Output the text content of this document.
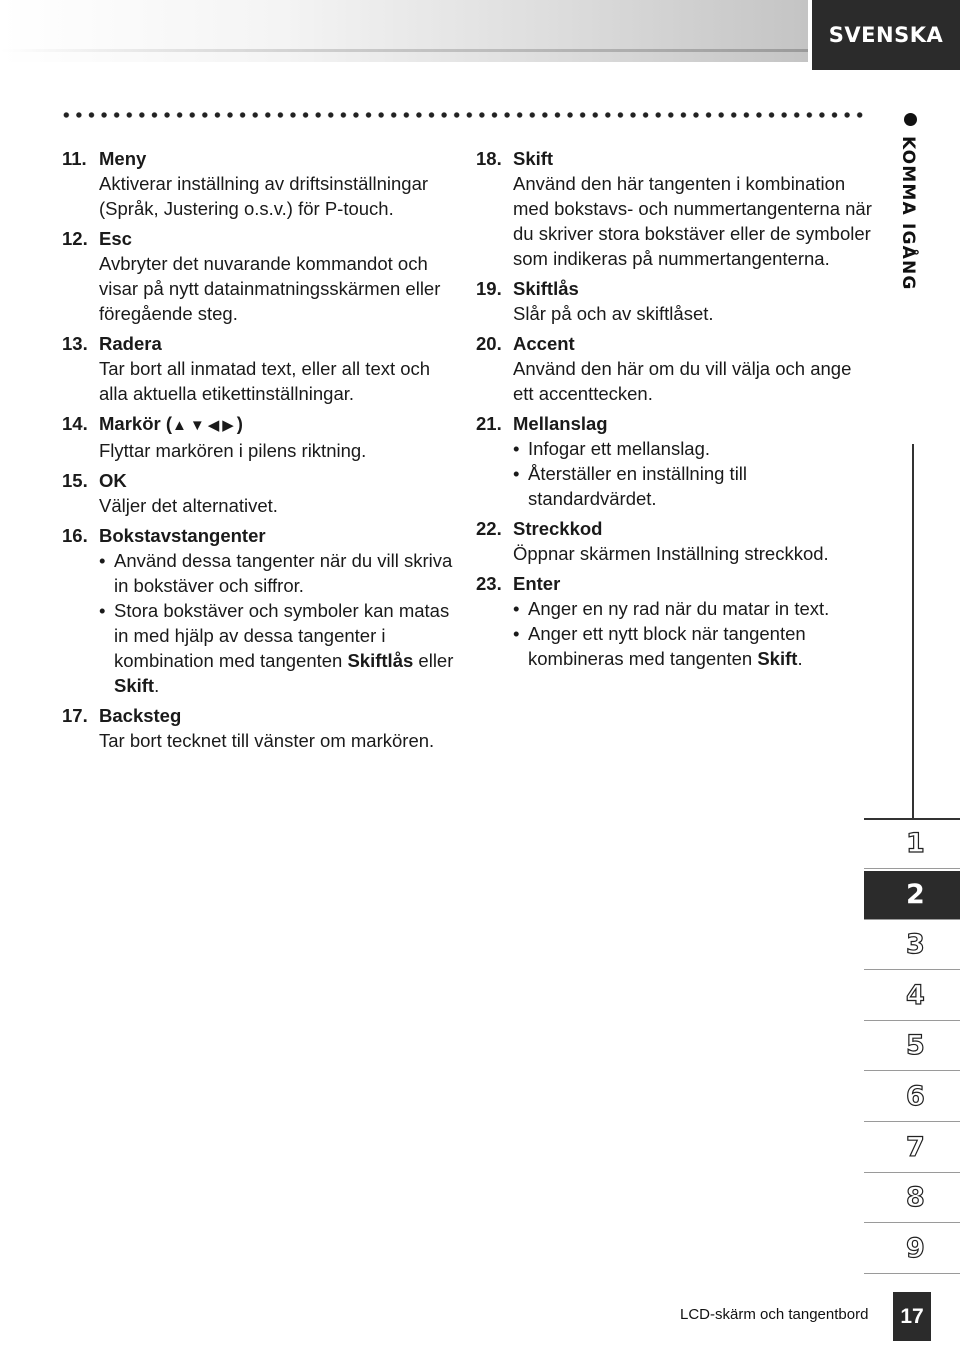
SVENSKA
KOMMA IGÅNG
11. Meny
Aktiverar inställning av driftsinställningar (Språk, Justering o.s.v.) för P-touch.
12. Esc
Avbryter det nuvarande kommandot och visar på nytt datainmatningsskärmen eller föregående steg.
13. Radera
Tar bort all inmatad text, eller all text och alla aktuella etikettinställningar.
14. Markör (▲▼◀▶)
Flyttar markören i pilens riktning.
15. OK
Väljer det alternativet.
16. Bokstavstangenter
• Använd dessa tangenter när du vill skriva in bokstäver och siffror.
• Stora bokstäver och symboler kan matas in med hjälp av dessa tangenter i kombination med tangenten Skiftlås eller Skift.
17. Backsteg
Tar bort tecknet till vänster om markören.
18. Skift
Använd den här tangenten i kombination med bokstavs- och nummertangenterna när du skriver stora bokstäver eller de symboler som indikeras på nummertangenterna.
19. Skiftlås
Slår på och av skiftlåset.
20. Accent
Använd den här om du vill välja och ange ett accenttecken.
21. Mellanslag
• Infogar ett mellanslag.
• Återställer en inställning till standardvärdet.
22. Streckkod
Öppnar skärmen Inställning streckkod.
23. Enter
• Anger en ny rad när du matar in text.
• Anger ett nytt block när tangenten kombineras med tangenten Skift.
1
2
3
4
5
6
7
8
9
LCD-skärm och tangentbord	17
